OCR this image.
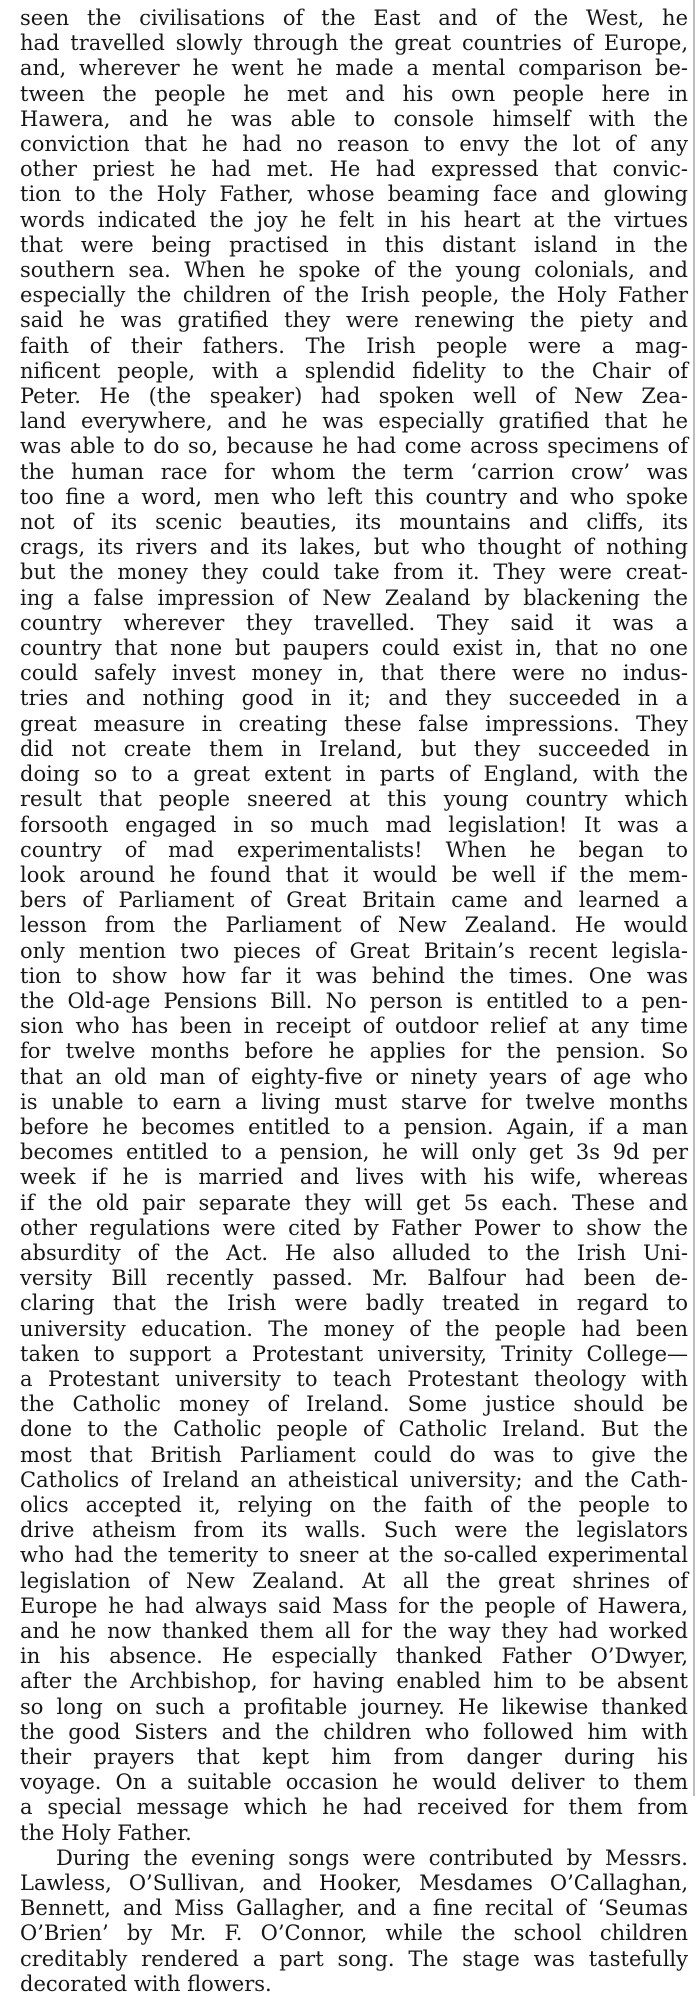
seen the civilisations of the East and of the West, he

had travelled slowly through the great countries of Europe,

and, wherever he went he made a mental comparison be-

tween the people he met and his own people here in

Hawera, and he was able to console himself with the

conviction that he had no reason to envy the lot of any

other priest he had met. He had expressed that convic-

tion to the Holy Father, whose beaming face and glowing

words indicated the joy he felt in his heart at the virtues

that were being practised in this distant island in the

southern sea. When he spoke of the young colonials, and

especially the children of the Irish people, the Holy Father

said he was gratified they were renewing the piety and

faith of their fathers. The Irish people were a mag-

nificent people, with a splendid fidelity to the Chair of

Peter. He (the speaker) had spoken well of New Zea-

land everywhere, and he was especially gratified that he

was able to do so, because he had come across specimens of

the human race for whom the term ‘carrion crow’ was

too fine a word, men who left this country and who spoke

not of its scenic beauties, its mountains and cliffs, its

crags, its rivers and its lakes, but who thought of nothing

but the money they could take from it. They were creat-

ing a false impression of New Zealand by blackening the

country wherever they travelled. They said it was a

country that none but paupers could exist in, that no one

could safely invest money in, that there were no indus-

tries and nothing good in it; and they succeeded in a

great measure in creating these false impressions. They

did not create them in Ireland, but they succeeded in

doing so to a great extent in parts of England, with the

result that people sneered at this young country which

forsooth engaged in so much mad legislation! It was a

country of mad experimentalists! When he began to

look around he found that it would be well if the mem-

bers of Parliament of Great Britain came and learned a

lesson from the Parliament of New Zealand. He would

only mention two pieces of Great Britain’s recent legisla-

tion to show how far it was behind the times. One was

the Old-age Pensions Bill. No person is entitled to a pen-

sion who has been in receipt of outdoor relief at any time

for twelve months before he applies for the pension. So

that an old man of eighty-five or ninety years of age who

is unable to earn a living must starve for twelve months

before he becomes entitled to a pension. Again, if a man

becomes entitled to a pension, he will only get 3s 9d per

week if he is married and lives with his wife, whereas

if the old pair separate they will get 5s each. These and

other regulations were cited by Father Power to show the

absurdity of the Act. He also alluded to the Irish Uni-

versity Bill recently passed. Mr. Balfour had been de-

claring that the Irish were badly treated in regard to

university education. The money of the people had been

taken to support a Protestant university, Trinity College—

a Protestant university to teach Protestant theology with

the Catholic money of Ireland. Some justice should be

done to the Catholic people of Catholic Ireland. But the

most that British Parliament could do was to give the

Catholics of Ireland an atheistical university; and the Cath-

olics accepted it, relying on the faith of the people to

drive atheism from its walls. Such were the legislators

who had the temerity to sneer at the so-called experimental

legislation of New Zealand. At all the great shrines of

Europe he had always said Mass for the people of Hawera,

and he now thanked them all for the way they had worked

in his absence. He especially thanked Father O’Dwyer,

after the Archbishop, for having enabled him to be absent

so long on such a profitable journey. He likewise thanked

the good Sisters and the children who followed him with

their prayers that kept him from danger during his

voyage. On a suitable occasion he would deliver to them

a special message which he had received for them from

the Holy Father.

During the evening songs were contributed by Messrs.

Lawless, O’Sullivan, and Hooker, Mesdames O’Callaghan,

Bennett, and Miss Gallagher, and a fine recital of ‘Seumas

O’Brien’ by Mr. F. O’Connor, while the school children

creditably rendered a part song. The stage was tastefully

decorated with flowers.
